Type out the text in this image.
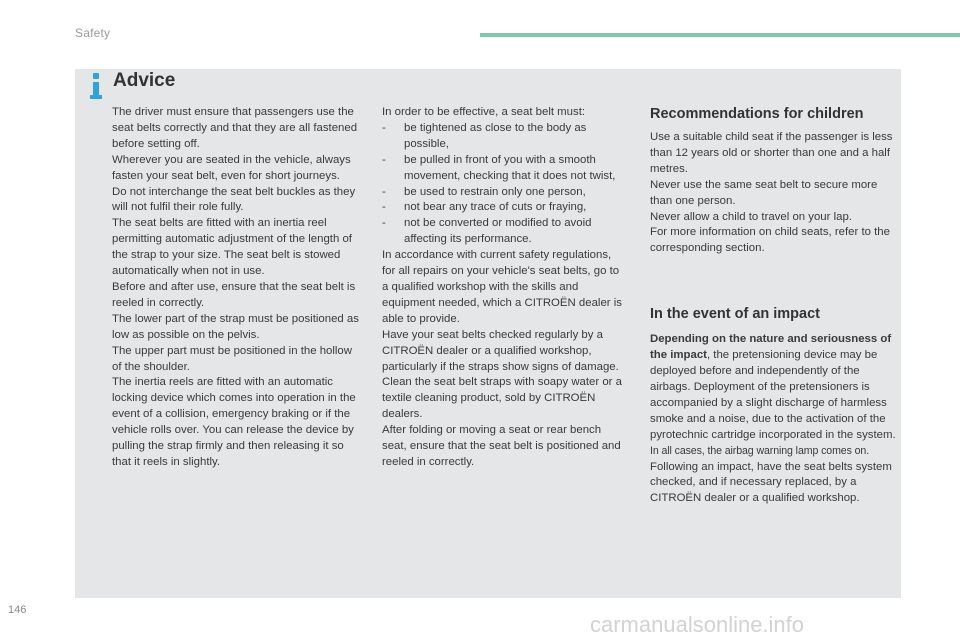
Safety
Advice

The driver must ensure that passengers use the seat belts correctly and that they are all fastened before setting off.

Wherever you are seated in the vehicle, always fasten your seat belt, even for short journeys.

Do not interchange the seat belt buckles as they will not fulfil their role fully.

The seat belts are fitted with an inertia reel permitting automatic adjustment of the length of the strap to your size. The seat belt is stowed automatically when not in use.

Before and after use, ensure that the seat belt is reeled in correctly.

The lower part of the strap must be positioned as low as possible on the pelvis.

The upper part must be positioned in the hollow of the shoulder.

The inertia reels are fitted with an automatic locking device which comes into operation in the event of a collision, emergency braking or if the vehicle rolls over. You can release the device by pulling the strap firmly and then releasing it so that it reels in slightly.

In order to be effective, a seat belt must:

- be tightened as close to the body as possible,
- be pulled in front of you with a smooth movement, checking that it does not twist,
- be used to restrain only one person,
- not bear any trace of cuts or fraying,
- not be converted or modified to avoid affecting its performance.

In accordance with current safety regulations, for all repairs on your vehicle's seat belts, go to a qualified workshop with the skills and equipment needed, which a CITROËN dealer is able to provide.

Have your seat belts checked regularly by a CITROËN dealer or a qualified workshop, particularly if the straps show signs of damage.

Clean the seat belt straps with soapy water or a textile cleaning product, sold by CITROËN dealers.

After folding or moving a seat or rear bench seat, ensure that the seat belt is positioned and reeled in correctly.

Recommendations for children

Use a suitable child seat if the passenger is less than 12 years old or shorter than one and a half metres.

Never use the same seat belt to secure more than one person.

Never allow a child to travel on your lap.

For more information on child seats, refer to the corresponding section.

In the event of an impact

Depending on the nature and seriousness of the impact, the pretensioning device may be deployed before and independently of the airbags. Deployment of the pretensioners is accompanied by a slight discharge of harmless smoke and a noise, due to the activation of the pyrotechnic cartridge incorporated in the system.

In all cases, the airbag warning lamp comes on.

Following an impact, have the seat belts system checked, and if necessary replaced, by a CITROËN dealer or a qualified workshop.

146
carmanualsonline.info
